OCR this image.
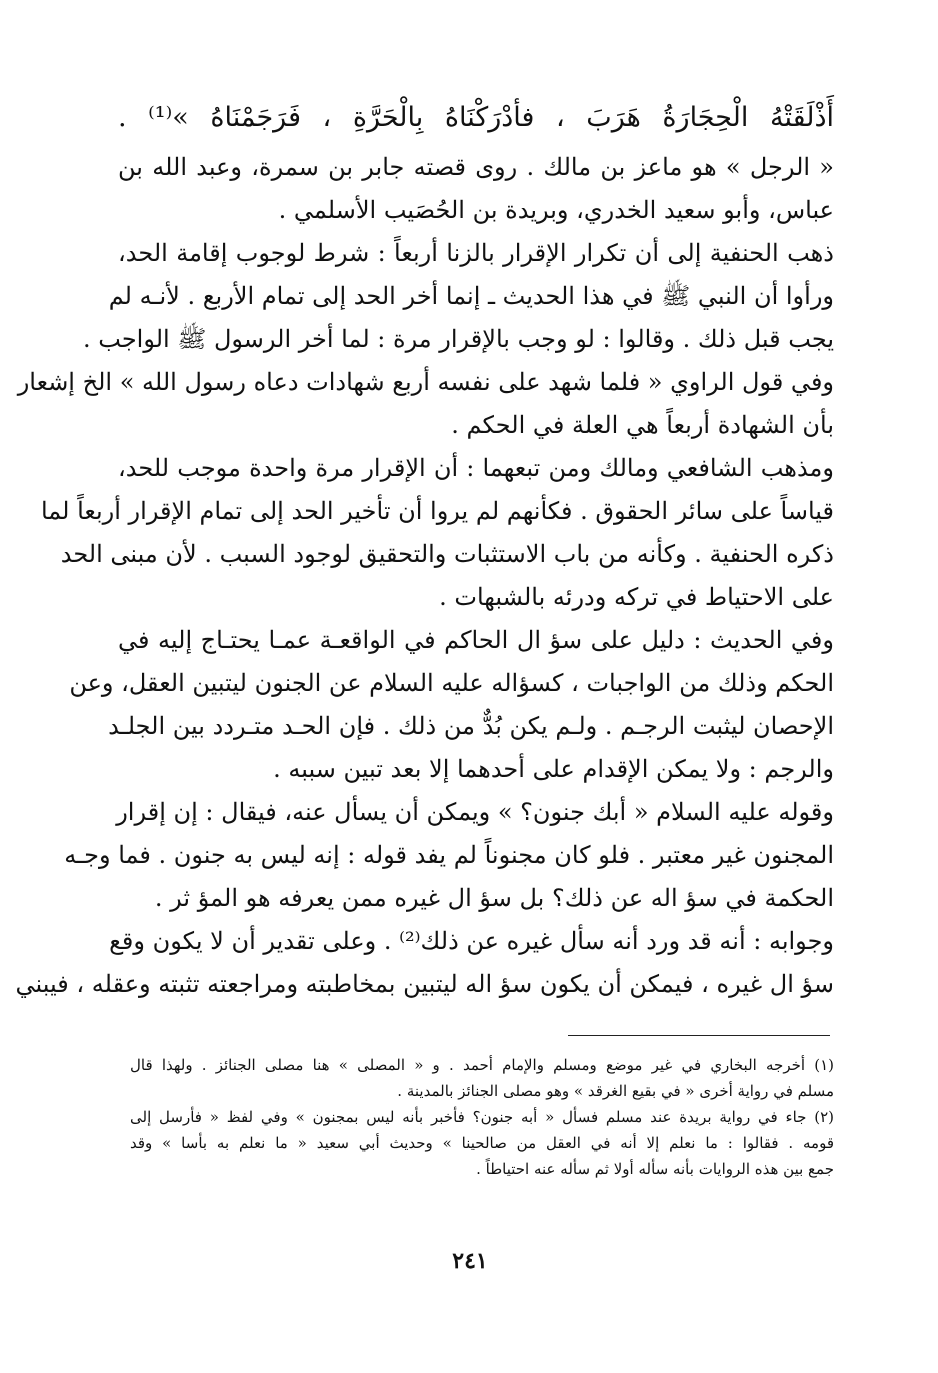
أَذْلَقَتْهُ الْحِجَارَةُ هَرَبَ ، فأدْرَكْنَاهُ بِالْحَرَّةِ ، فَرَجَمْنَاهُ »⁽¹⁾ .
« الرجل » هو ماعز بن مالك . روى قصته جابر بن سمرة، وعبد الله بن
عباس، وأبو سعيد الخدري، وبريدة بن الحُصَيب الأسلمي .
ذهب الحنفية إلى أن تكرار الإقرار بالزنا أربعاً : شرط لوجوب إقامة الحد،
ورأوا أن النبي ﷺ في هذا الحديث ـ إنما أخر الحد إلى تمام الأربع . لأنـه لم
يجب قبل ذلك . وقالوا : لو وجب بالإقرار مرة : لما أخر الرسول ﷺ الواجب .
وفي قول الراوي « فلما شهد على نفسه أربع شهادات دعاه رسول الله » الخ إشعار
بأن الشهادة أربعاً هي العلة في الحكم .
ومذهب الشافعي ومالك ومن تبعهما : أن الإقرار مرة واحدة موجب للحد،
قياساً على سائر الحقوق . فكأنهم لم يروا أن تأخير الحد إلى تمام الإقرار أربعاً لما
ذكره الحنفية . وكأنه من باب الاستثبات والتحقيق لوجود السبب . لأن مبنى الحد
على الاحتياط في تركه ودرئه بالشبهات .
وفي الحديث : دليل على سؤ ال الحاكم في الواقعـة عمـا يحتـاج إليه في
الحكم وذلك من الواجبات ، كسؤاله عليه السلام عن الجنون ليتبين العقل، وعن
الإحصان ليثبت الرجـم . ولـم يكن بُدٌّ من ذلك . فإن الحـد متـردد بين الجلـد
والرجم : ولا يمكن الإقدام على أحدهما إلا بعد تبين سببه .
وقوله عليه السلام « أبك جنون؟ » ويمكن أن يسأل عنه، فيقال : إن إقرار
المجنون غير معتبر . فلو كان مجنوناً لم يفد قوله : إنه ليس به جنون . فما وجـه
الحكمة في سؤ اله عن ذلك؟ بل سؤ ال غيره ممن يعرفه هو المؤ ثر .
وجوابه : أنه قد ورد أنه سأل غيره عن ذلك⁽²⁾ . وعلى تقدير أن لا يكون وقع
سؤ ال غيره ، فيمكن أن يكون سؤ اله ليتبين بمخاطبته ومراجعته تثبته وعقله ، فيبني
(١) أخرجه البخاري في غير موضع ومسلم والإمام أحمد . و « المصلى » هنا مصلى الجنائز . ولهذا قال
مسلم في رواية أخرى « في بقيع الغرقد » وهو مصلى الجنائز بالمدينة .
(٢) جاء في رواية بريدة عند مسلم فسأل « أبه جنون؟ فأخبر بأنه ليس بمجنون » وفي لفظ « فأرسل إلى
قومه . فقالوا : ما نعلم إلا أنه في العقل من صالحينا » وحديث أبي سعيد « ما نعلم به بأسا » وقد
جمع بين هذه الروايات بأنه سأله أولا ثم سأله عنه احتياطاً .
٢٤١
